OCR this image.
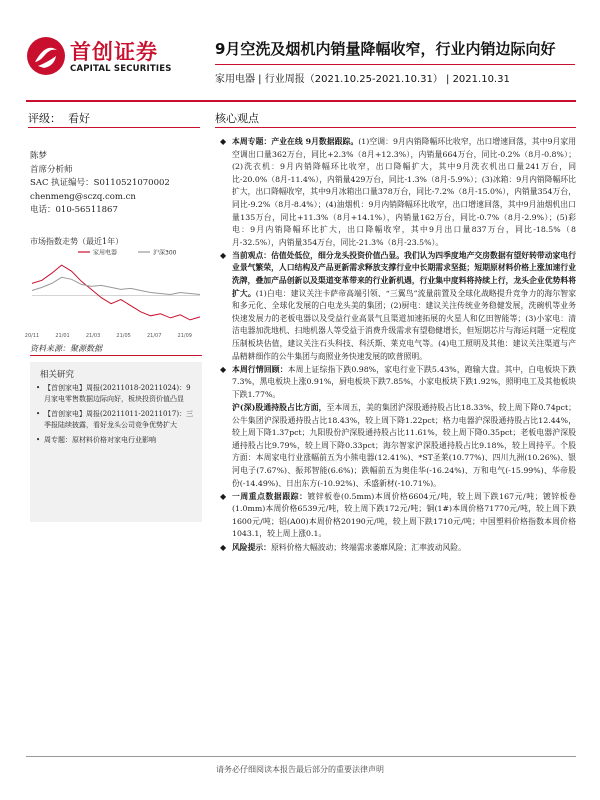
首创证券
CAPITAL SECURITIES
9月空洗及烟机内销量降幅收窄，行业内销边际向好
家用电器 | 行业周报（2021.10.25-2021.10.31） | 2021.10.31
评级： 看好
陈梦
首席分析师
SAC 执证编号：S0110521070002
chenmeng@sczq.com.cn
电话：010-56511867
市场指数走势（最近1年）
家用电器	沪深300
20/11	21/01	21/03	21/05	21/07	21/09
资料来源：聚源数据
相关研究
• 【首创家电】周报(20211018-20211024)：9月家电零售数据边际向好，板块投资价值凸显
• 【首创家电】周报(20211011-20211017)：三季报陆续披露，看好龙头公司竞争优势扩大
• 周专题：原材料价格对家电行业影响
核心观点

◆ 本周专题：产业在线 9月数据跟踪。(1)空调：9月内销降幅环比收窄，出口增速回落，其中9月家用空调出口量362万台，同比+2.3%（8月+12.3%），内销量664万台，同比-0.2%（8月-0.8%）；(2)洗衣机：9月内销降幅环比收窄，出口降幅扩大，其中9月洗衣机出口量241万台，同比-20.0%（8月-11.4%），内销量429万台，同比-1.3%（8月-5.9%）；(3)冰箱：9月内销降幅环比扩大，出口降幅收窄，其中9月冰箱出口量378万台，同比-7.2%（8月-15.0%），内销量354万台，同比-9.2%（8月-8.4%）；(4)油烟机：9月内销降幅环比收窄，出口增速回落，其中9月油烟机出口量135万台，同比+11.3%（8月+14.1%），内销量162万台，同比-0.7%（8月-2.9%）；(5)彩电：9月内销降幅环比扩大，出口降幅收窄，其中9月出口量837万台，同比-18.5%（8月-32.5%），内销量354万台，同比-21.3%（8月-23.5%）。

◆ 当前观点：估值处低位，细分龙头投资价值凸显。我们认为四季度地产交房数据有望好转带动家电行业景气繁荣，人口结构及产品更新需求释放支撑行业中长期需求坚挺；短期原材料价格上涨加速行业洗牌，叠加产品创新以及渠道变革带来的行业新机遇，行业集中度料将持续上行，龙头企业优势料将扩大。(1)白电：建议关注卡萨帝高端引领、“三翼鸟”流量前置及全球化战略提升竞争力的海尔智家和多元化、全球化发展的白电龙头美的集团；(2)厨电：建议关注传统业务稳健发展，洗碗机等业务快速发展力的老板电器以及受益行业高景气且渠道加速拓展的火星人和亿田智能等；(3)小家电：清洁电器加洗地机、扫地机器人等受益于消费升级需求有望稳健增长，但短期芯片与海运问题一定程度压制板块估值，建议关注石头科技、科沃斯、莱克电气等。(4)电工照明及其他：建议关注渠道与产品精耕细作的公牛集团与商照业务快速发展的欧普照明。

◆ 本周行情回顾：本周上证综指下跌0.98%，家电行业下跌5.43%，跑输大盘。其中，白电板块下跌7.3%，黑电板块上涨0.91%，厨电板块下跌7.85%，小家电板块下跌1.92%，照明电工及其他板块下跌1.77%。

沪(深)股通持股占比方面，至本周五，美的集团沪深股通持股占比18.33%，较上周下降0.74pct；公牛集团沪深股通持股占比18.43%，较上周下降1.22pct；格力电器沪深股通持股占比12.44%，较上周下降1.37pct；九阳股份沪深股通持股占比11.61%，较上周下降0.35pct；老板电器沪深股通持股占比9.79%，较上周下降0.33pct；海尔智家沪深股通持股占比9.18%，较上周持平。个股方面：本周家电行业涨幅前五为小熊电器(12.41%)、*ST圣莱(10.77%)、四川九洲(10.26%)、银河电子(7.67%)、振邦智能(6.6%)；跌幅前五为奥佳华(-16.24%)、万和电气(-15.99%)、华帝股份(-14.49%)、日出东方(-10.92%)、禾盛新材(-10.71%)。

◆ 一周重点数据跟踪：镀锌板卷(0.5mm)本周价格6604元/吨，较上周下跌167元/吨；镀锌板卷(1.0mm)本周价格6539元/吨，较上周下跌172元/吨；铜(1#)本周价格71770元/吨，较上周下跌1600元/吨；铝(A00)本周价格20190元/吨，较上周下跌1710元/吨；中国塑料价格指数本周价格1043.1，较上周上涨0.1。

◆ 风险提示：原料价格大幅波动；终端需求萎靡风险；汇率波动风险。

请务必仔细阅读本报告最后部分的重要法律声明
